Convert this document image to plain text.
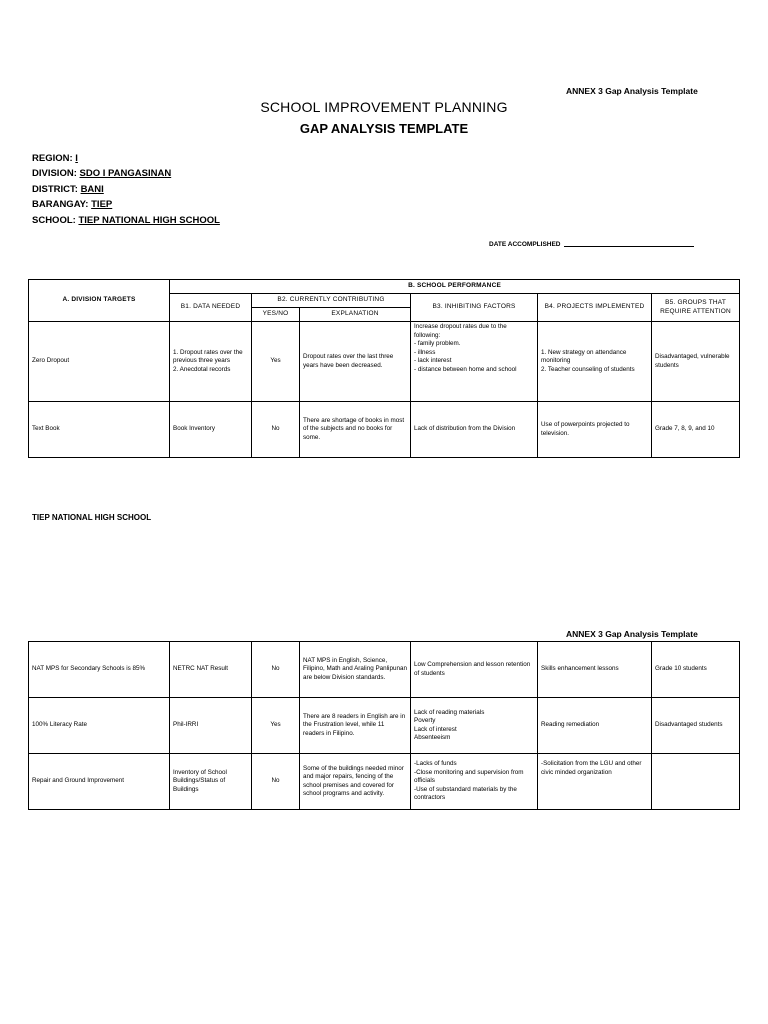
ANNEX 3 Gap Analysis Template
SCHOOL IMPROVEMENT PLANNING
GAP ANALYSIS TEMPLATE
REGION: I
DIVISION: SDO I PANGASINAN
DISTRICT: BANI
BARANGAY: TIEP
SCHOOL: TIEP NATIONAL HIGH SCHOOL
DATE ACCOMPLISHED
A. DIVISION TARGETS	B. SCHOOL PERFORMANCE					
	B1. DATA NEEDED	B2. CURRENTLY CONTRIBUTING		B3. INHIBITING FACTORS	B4. PROJECTS IMPLEMENTED	B5. GROUPS THAT REQUIRE ATTENTION
		YES/NO	EXPLANATION			
Zero Dropout	1. Dropout rates over the previous three years
2. Anecdotal records	Yes	Dropout rates over the last three years have been decreased.	Increase dropout rates due to the following:
- family problem.
- illness
- lack interest
- distance between home and school	1. New strategy on attendance monitoring
2. Teacher counseling of students	Disadvantaged, vulnerable students
Text Book	Book Inventory	No	There are shortage of books in most of the subjects and no books for some.	Lack of distribution from the Division	Use of powerpoints projected to television.	Grade 7, 8, 9, and 10
TIEP NATIONAL HIGH SCHOOL
ANNEX 3 Gap Analysis Template
NAT MPS for Secondary Schools is 85%	NETRC NAT Result	No	NAT MPS in English, Science, Filipino, Math and Araling Panlipunan are below Division standards.	Low Comprehension and lesson retention of students	Skills enhancement lessons	Grade 10 students
100% Literacy Rate	Phil-IRRI	Yes	There are 8 readers in English are in the Frustration level, while 11 readers in Filipino.	Lack of reading materials
Poverty
Lack of interest
Absenteeism	Reading remediation	Disadvantaged students
Repair and Ground Improvement	Inventory of School Buildings/Status of Buildings	No	Some of the buildings needed minor and major repairs, fencing of the school premises and covered for school programs and activity.	-Lacks of funds
-Close monitoring and supervision from officials
-Use of substandard materials by the contractors	-Solicitation from the LGU and other civic minded organization	
